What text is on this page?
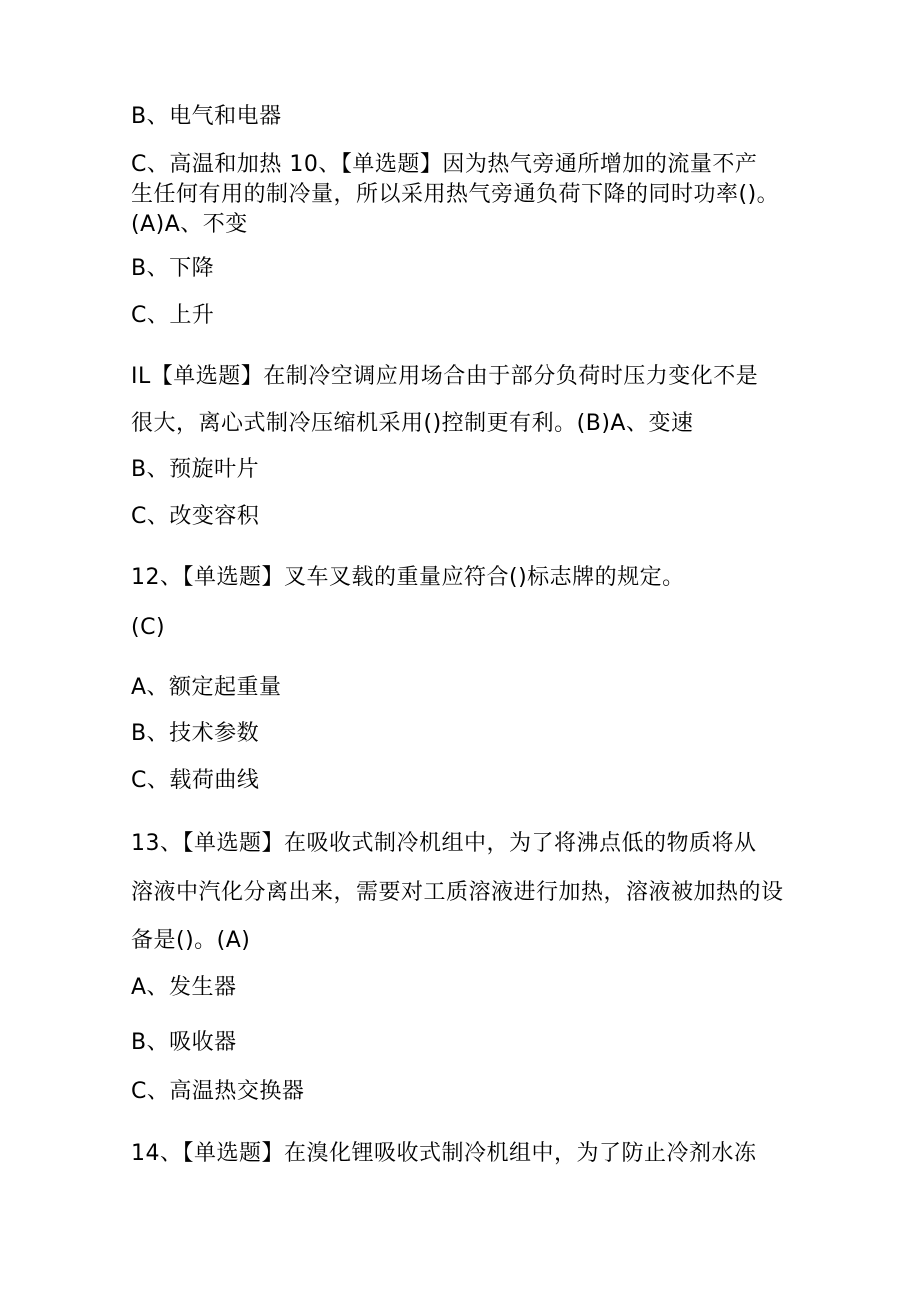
B、电气和电器
C、高温和加热 10、【单选题】因为热气旁通所增加的流量不产
生任何有用的制冷量，所以采用热气旁通负荷下降的同时功率()。
(A)A、不变
B、下降
C、上升
IL【单选题】在制冷空调应用场合由于部分负荷时压力变化不是
很大，离心式制冷压缩机采用()控制更有利。(B)A、变速
B、预旋叶片
C、改变容积
12、【单选题】叉车叉载的重量应符合()标志牌的规定。
(C)
A、额定起重量
B、技术参数
C、载荷曲线
13、【单选题】在吸收式制冷机组中，为了将沸点低的物质将从
溶液中汽化分离出来，需要对工质溶液进行加热，溶液被加热的设
备是()。(A)
A、发生器
B、吸收器
C、高温热交换器
14、【单选题】在溴化锂吸收式制冷机组中，为了防止冷剂水冻
